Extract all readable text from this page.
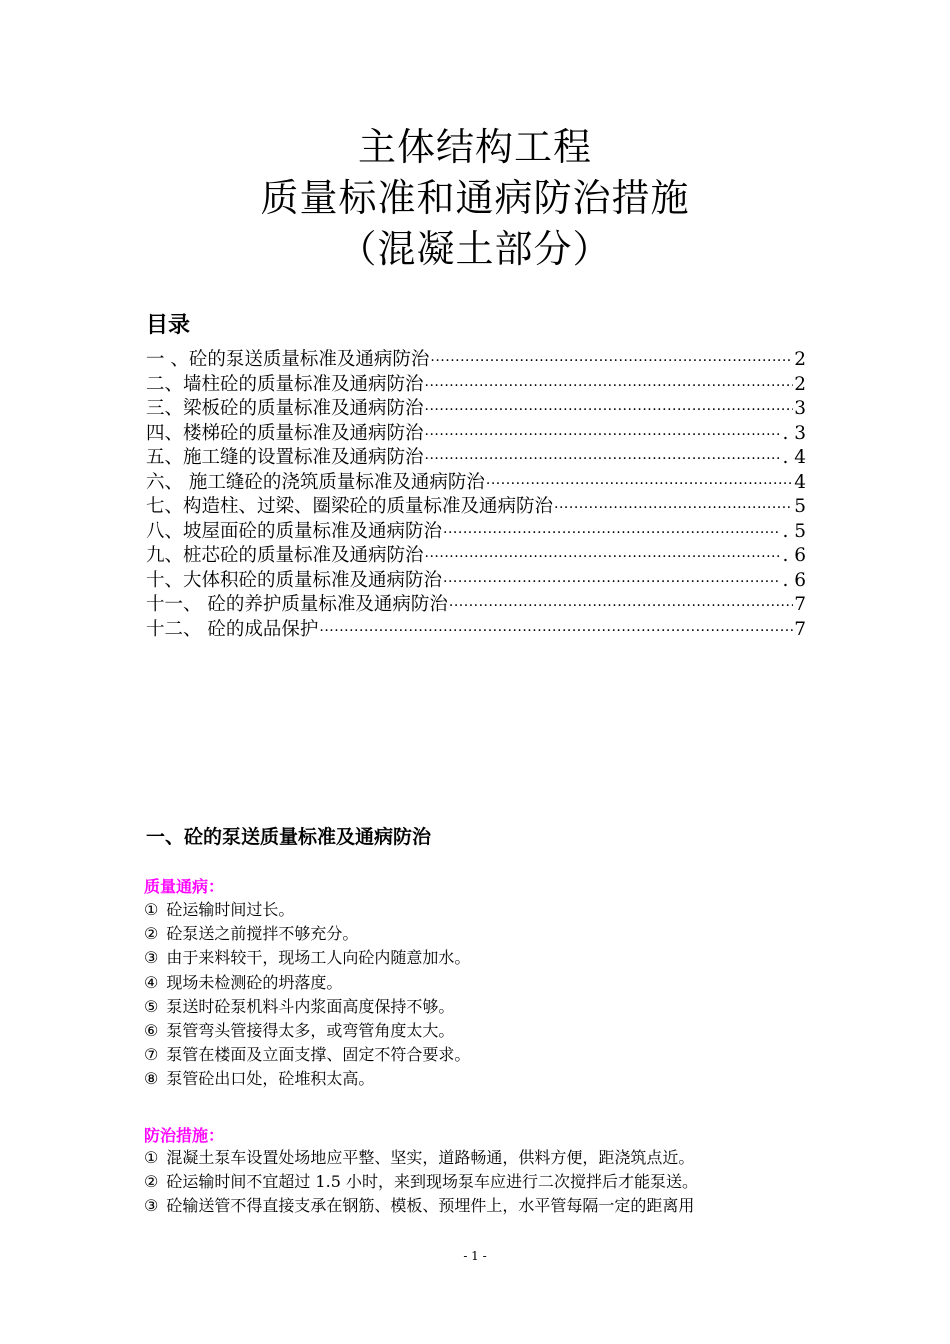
主体结构工程
质量标准和通病防治措施
（混凝土部分）
目录
一 、砼的泵送质量标准及通病防治 ·····	2
二、墙柱砼的质量标准及通病防治 ·····	2
三、梁板砼的质量标准及通病防治 ·····	3
四、楼梯砼的质量标准及通病防治 ·····	. 3
五、施工缝的设置标准及通病防治 ·····	. 4
六、 施工缝砼的浇筑质量标准及通病防治 ·····	4
七、构造柱、过梁、圈梁砼的质量标准及通病防治 ·····	5
八、坡屋面砼的质量标准及通病防治 ·····	. 5
九、桩芯砼的质量标准及通病防治 ·····	. 6
十、大体积砼的质量标准及通病防治 ·····	. 6
十一、 砼的养护质量标准及通病防治 ·····	7
十二、 砼的成品保护 ·····	7
一、砼的泵送质量标准及通病防治
质量通病：
① 砼运输时间过长。
② 砼泵送之前搅拌不够充分。
③ 由于来料较干，现场工人向砼内随意加水。
④ 现场未检测砼的坍落度。
⑤ 泵送时砼泵机料斗内浆面高度保持不够。
⑥ 泵管弯头管接得太多，或弯管角度太大。
⑦ 泵管在楼面及立面支撑、固定不符合要求。
⑧ 泵管砼出口处，砼堆积太高。
防治措施：
① 混凝土泵车设置处场地应平整、坚实，道路畅通，供料方便，距浇筑点近。
② 砼运输时间不宜超过 1.5 小时，来到现场泵车应进行二次搅拌后才能泵送。
③ 砼输送管不得直接支承在钢筋、模板、预埋件上，水平管每隔一定的距离用
- 1 -
